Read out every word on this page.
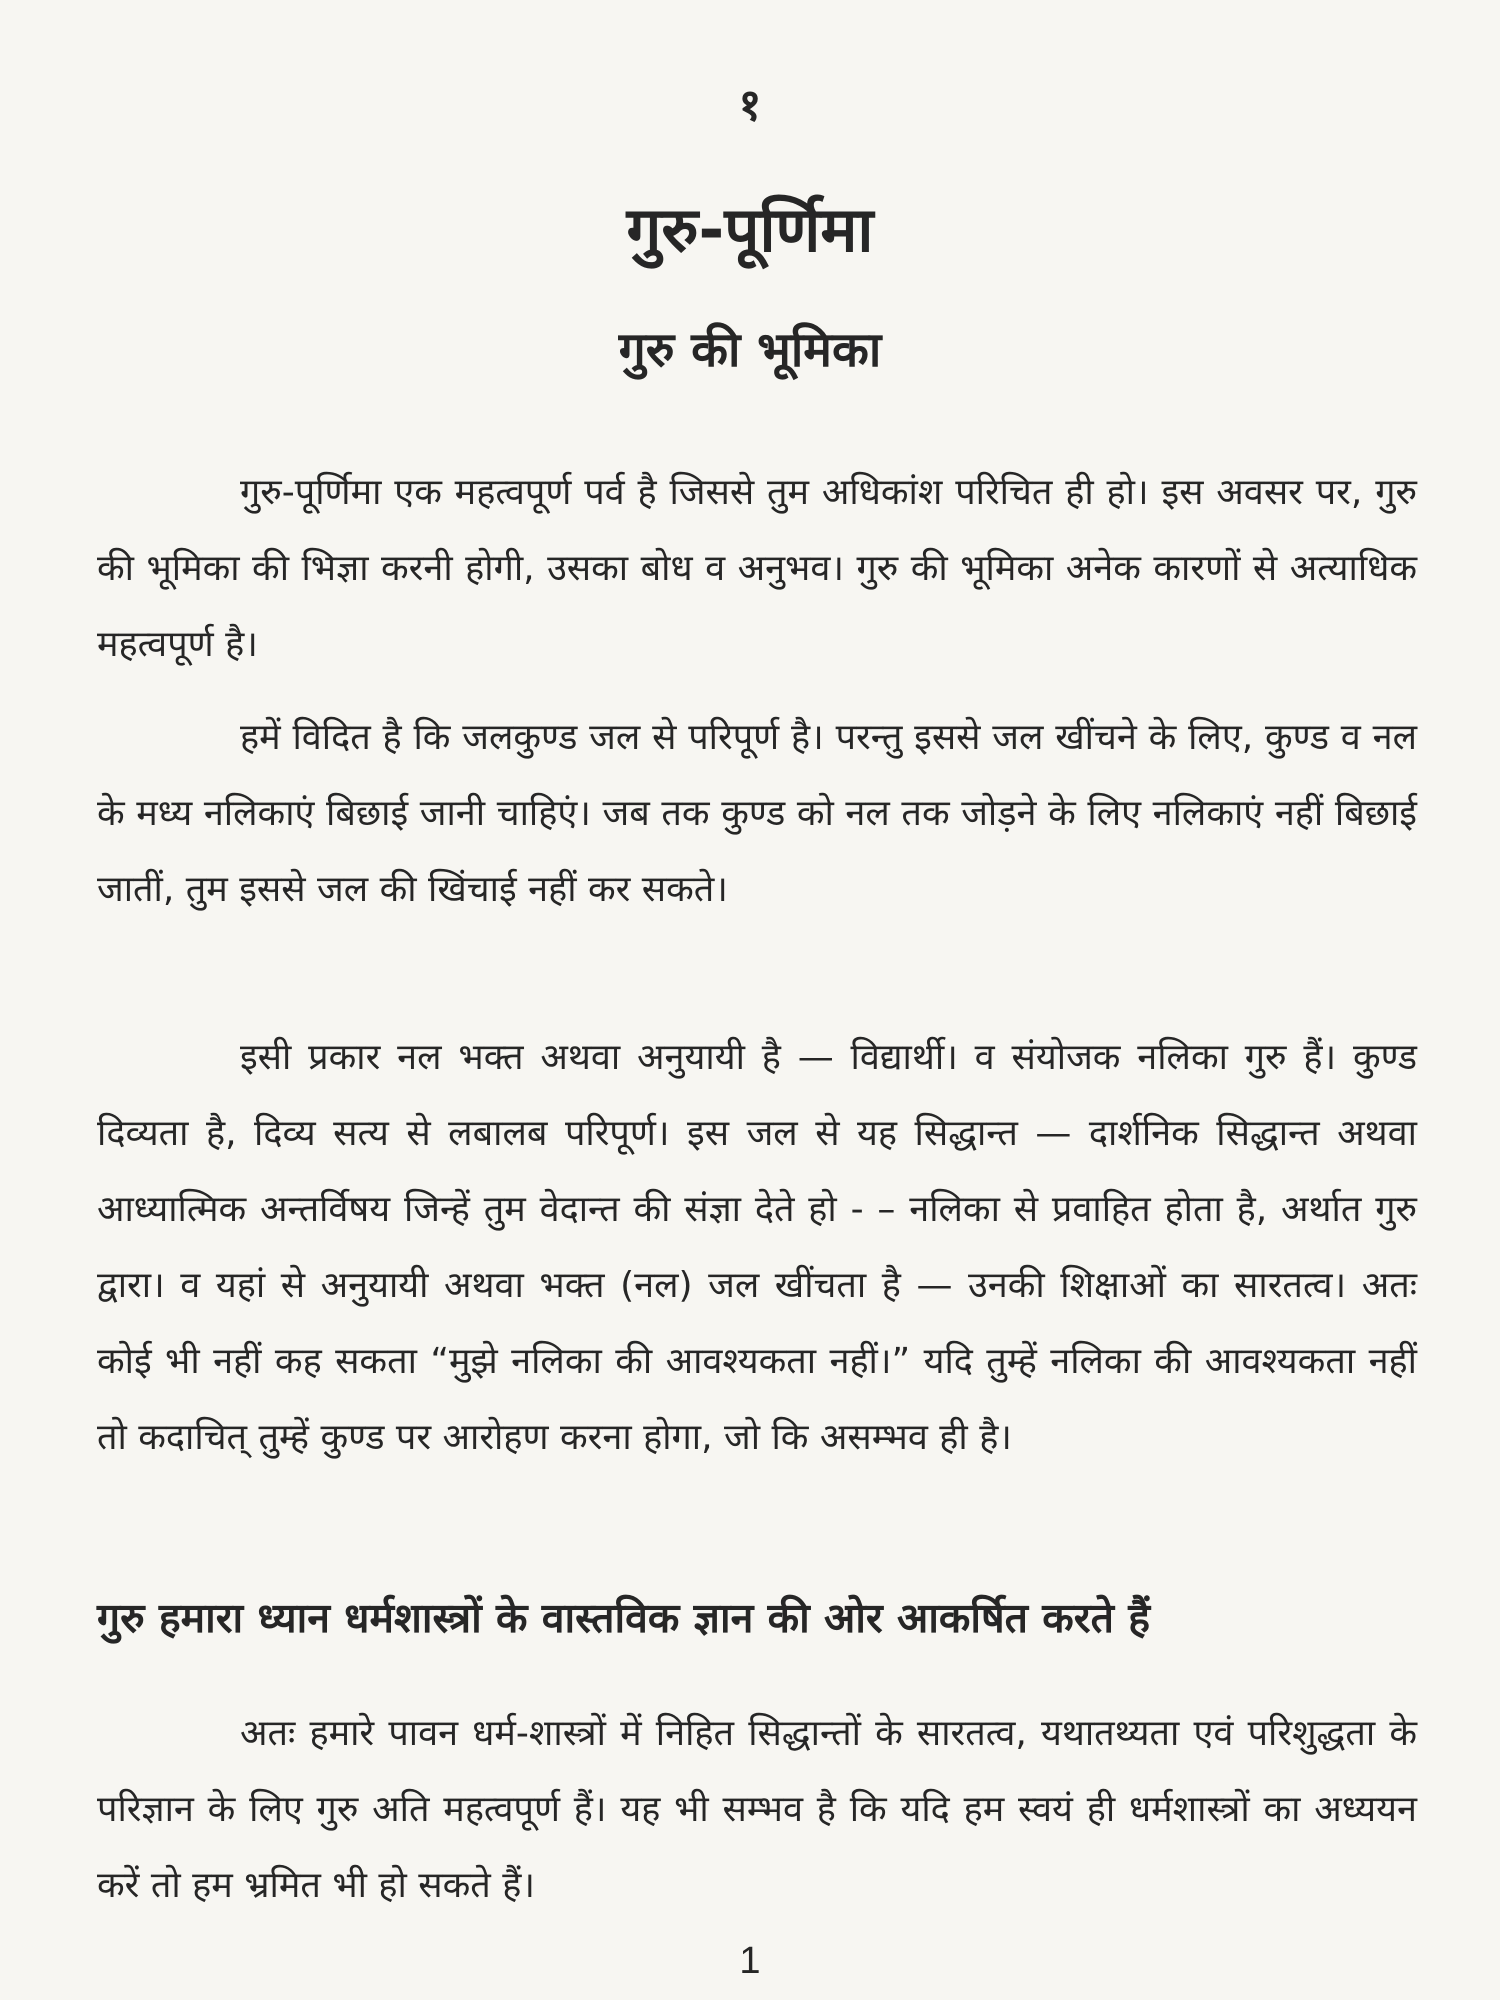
१
गुरु-पूर्णिमा
गुरु की भूमिका

गुरु-पूर्णिमा एक महत्वपूर्ण पर्व है जिससे तुम अधिकांश परिचित ही हो। इस अवसर पर, गुरु की भूमिका की भिज्ञा करनी होगी, उसका बोध व अनुभव। गुरु की भूमिका अनेक कारणों से अत्याधिक महत्वपूर्ण है।

हमें विदित है कि जलकुण्ड जल से परिपूर्ण है। परन्तु इससे जल खींचने के लिए, कुण्ड व नल के मध्य नलिकाएं बिछाई जानी चाहिएं। जब तक कुण्ड को नल तक जोड़ने के लिए नलिकाएं नहीं बिछाई जातीं, तुम इससे जल की खिंचाई नहीं कर सकते।

इसी प्रकार नल भक्त अथवा अनुयायी है — विद्यार्थी। व संयोजक नलिका गुरु हैं। कुण्ड दिव्यता है, दिव्य सत्य से लबालब परिपूर्ण। इस जल से यह सिद्धान्त — दार्शनिक सिद्धान्त अथवा आध्यात्मिक अन्तर्विषय जिन्हें तुम वेदान्त की संज्ञा देते हो - – नलिका से प्रवाहित होता है, अर्थात गुरु द्वारा। व यहां से अनुयायी अथवा भक्त (नल) जल खींचता है — उनकी शिक्षाओं का सारतत्व। अतः कोई भी नहीं कह सकता “मुझे नलिका की आवश्यकता नहीं।” यदि तुम्हें नलिका की आवश्यकता नहीं तो कदाचित् तुम्हें कुण्ड पर आरोहण करना होगा, जो कि असम्भव ही है।

गुरु हमारा ध्यान धर्मशास्त्रों के वास्तविक ज्ञान की ओर आकर्षित करते हैं

अतः हमारे पावन धर्म-शास्त्रों में निहित सिद्धान्तों के सारतत्व, यथातथ्यता एवं परिशुद्धता के परिज्ञान के लिए गुरु अति महत्वपूर्ण हैं। यह भी सम्भव है कि यदि हम स्वयं ही धर्मशास्त्रों का अध्ययन करें तो हम भ्रमित भी हो सकते हैं।

1
